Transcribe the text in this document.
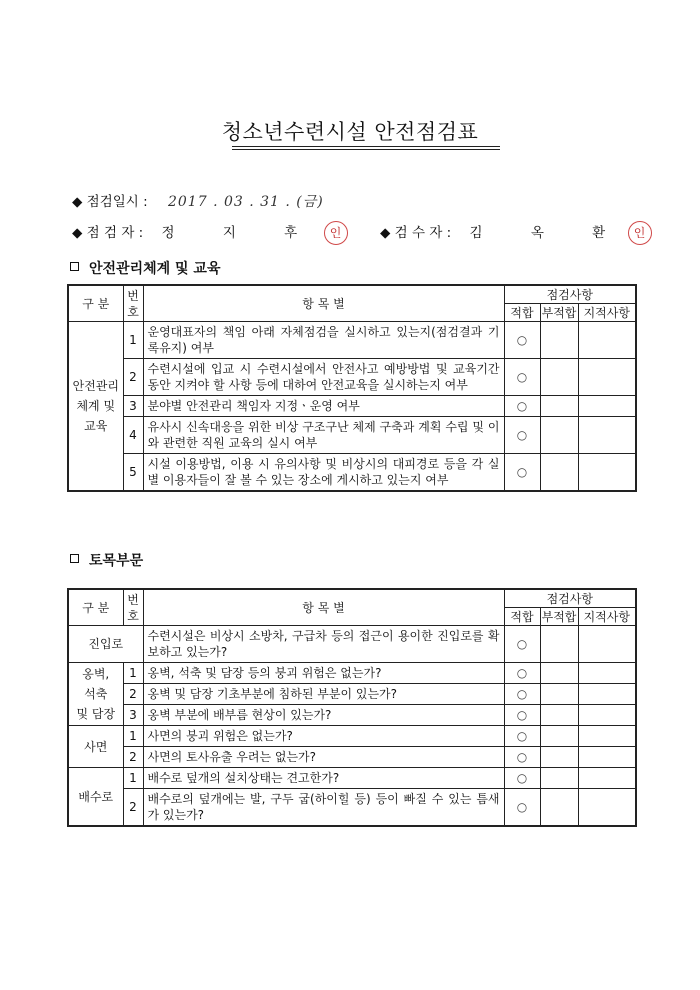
청소년수련시설 안전점검표
◆ 점검일시 : 2017 . 03 . 31 . (금)
◆ 점 검 자 : 정 지 후 인	◆ 검 수 자 : 김 옥 환 인
안전관리체계 및 교육
구 분	번호	항 목 별	점검사항		
			적합	부적합	지적사항
안전관리
체계 및
교육	1	운영대표자의 책임 아래 자체점검을 실시하고 있는지(점검결과 기록유지) 여부	○		
	2	수련시설에 입교 시 수련시설에서 안전사고 예방방법 및 교육기간 동안 지켜야 할 사항 등에 대하여 안전교육을 실시하는지 여부	○		
	3	분야별 안전관리 책임자 지정ㆍ운영 여부	○		
	4	유사시 신속대응을 위한 비상 구조구난 체제 구축과 계획 수립 및 이와 관련한 직원 교육의 실시 여부	○		
	5	시설 이용방법, 이용 시 유의사항 및 비상시의 대피경로 등을 각 실별 이용자들이 잘 볼 수 있는 장소에 게시하고 있는지 여부	○		
토목부문
구 분	번호	항 목 별	점검사항		
			적합	부적합	지적사항
진입로		수련시설은 비상시 소방차, 구급차 등의 접근이 용이한 진입로를 확보하고 있는가?	○		
옹벽,
석축
및 담장	1	옹벽, 석축 및 담장 등의 붕괴 위험은 없는가?	○		
	2	옹벽 및 담장 기초부분에 침하된 부분이 있는가?	○		
	3	옹벽 부분에 배부름 현상이 있는가?	○		
사면	1	사면의 붕괴 위험은 없는가?	○		
	2	사면의 토사유출 우려는 없는가?	○		
배수로	1	배수로 덮개의 설치상태는 견고한가?	○		
	2	배수로의 덮개에는 발, 구두 굽(하이힐 등) 등이 빠질 수 있는 틈새가 있는가?	○		
